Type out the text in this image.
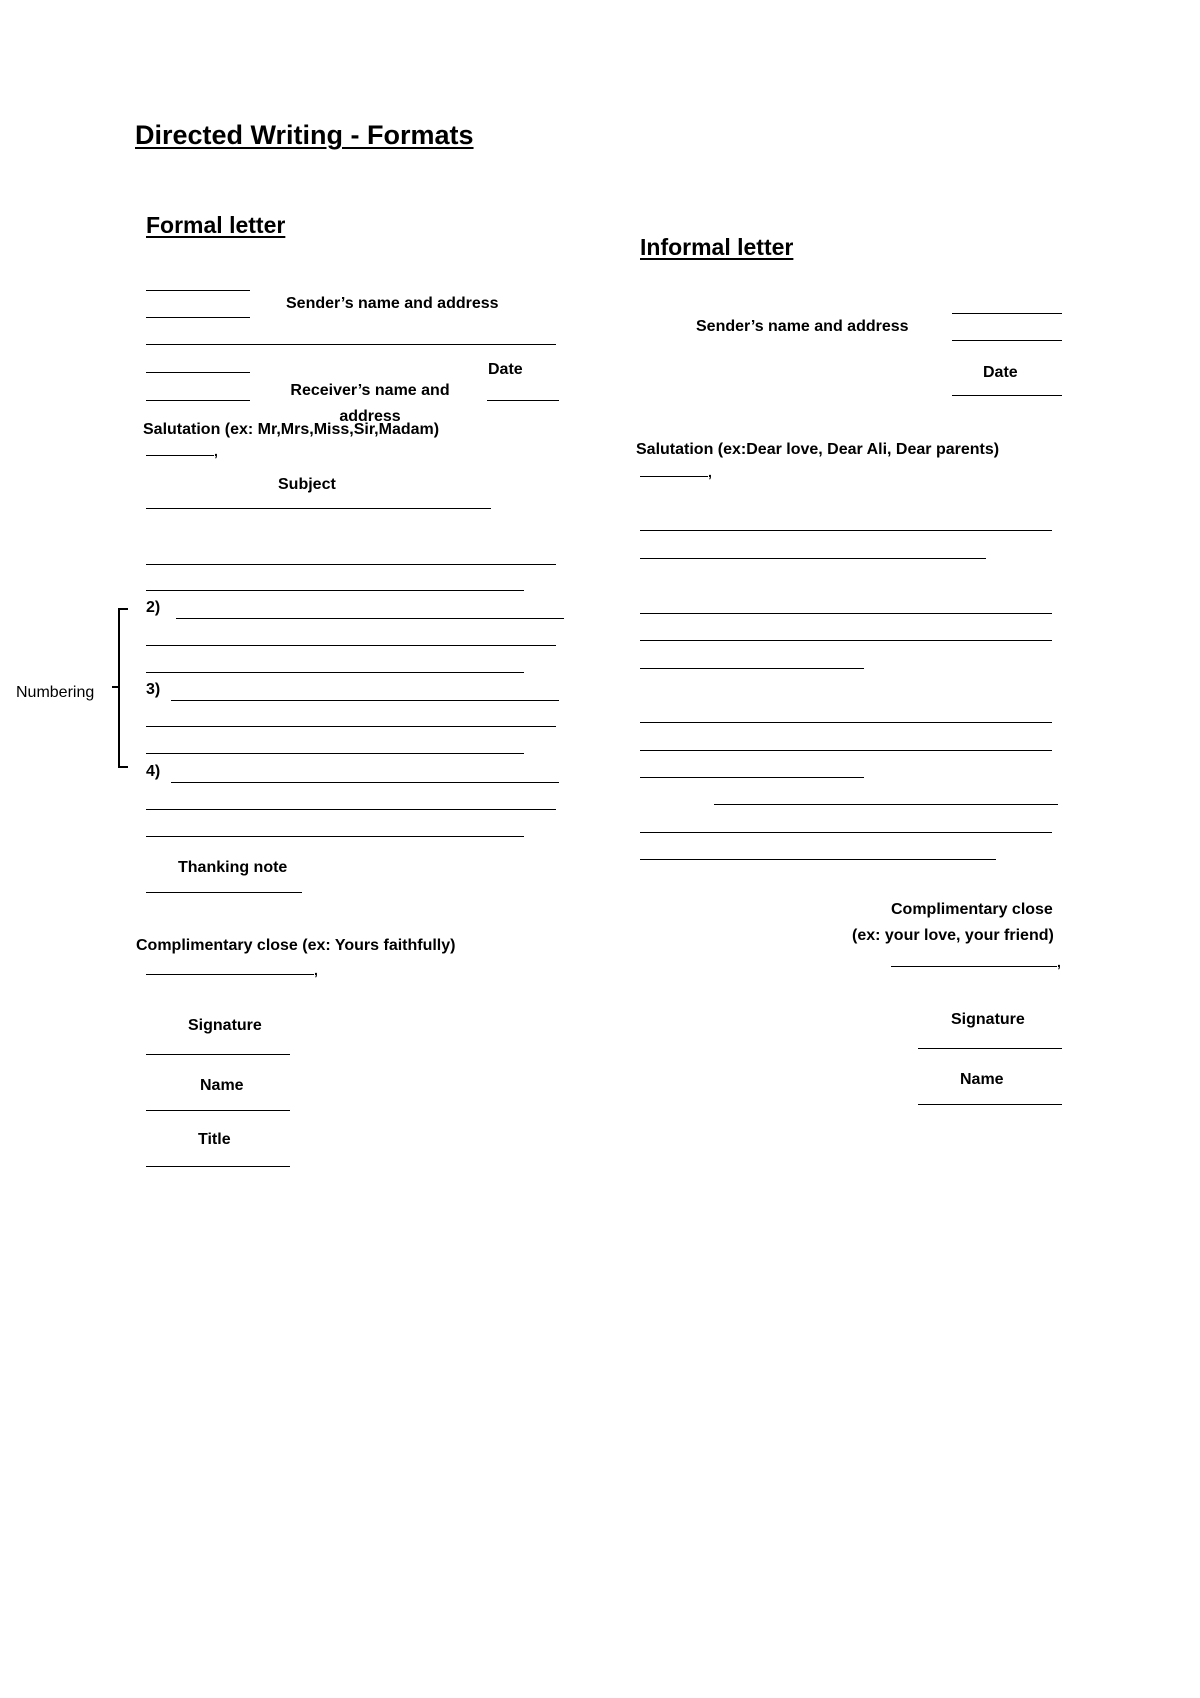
Directed Writing - Formats
Formal letter
Sender’s name and address
Receiver’s name and address
Date
Salutation (ex: Mr,Mrs,Miss,Sir,Madam)
,
Subject
2)
3)
4)
Numbering
Thanking note
Complimentary close (ex: Yours faithfully)
,
Signature
Name
Title
Informal letter
Sender’s name and address
Date
Salutation (ex:Dear love, Dear Ali, Dear parents)
,
Complimentary close
(ex: your love, your friend)
,
Signature
Name
